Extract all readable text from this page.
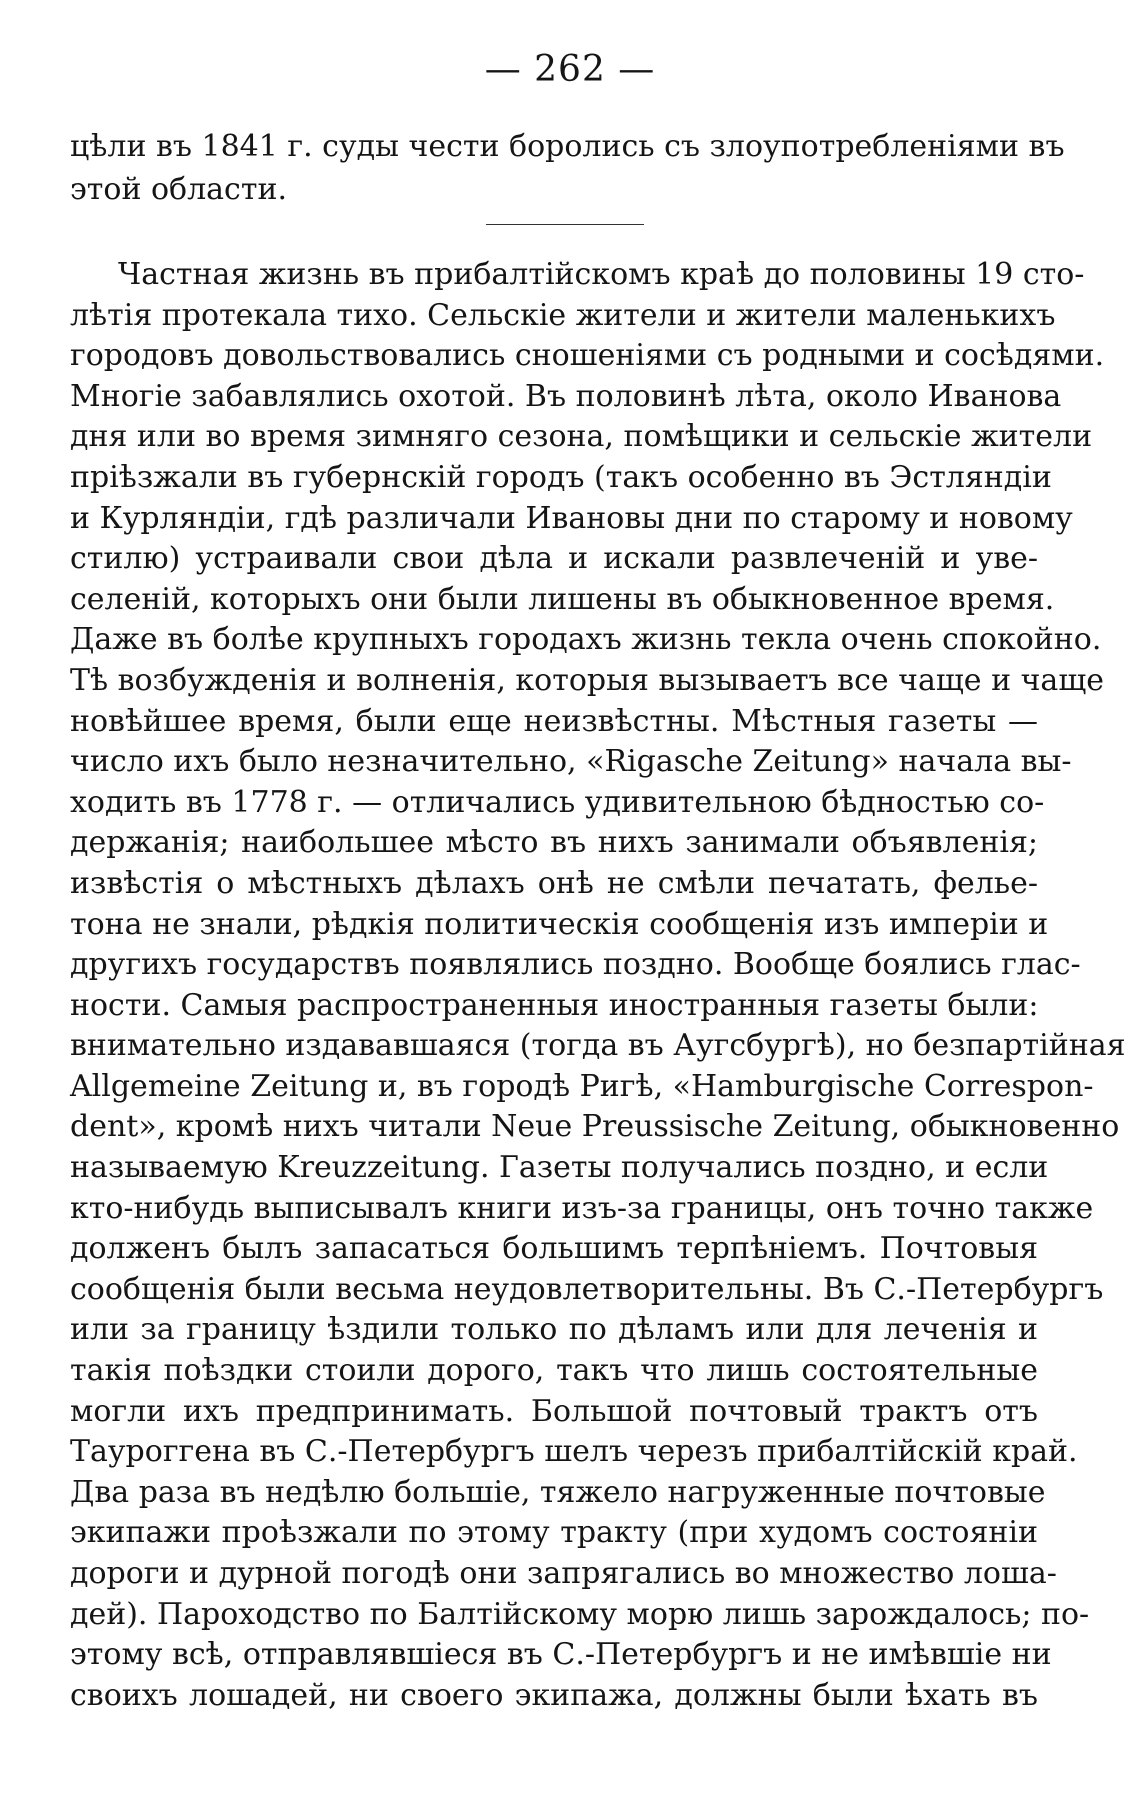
— 262 —
цѣли въ 1841 г. суды чести боролись съ злоупотребленіями въ
этой области.
Частная жизнь въ прибалтійскомъ краѣ до половины 19 сто-
лѣтія протекала тихо. Сельскіе жители и жители маленькихъ
городовъ довольствовались сношеніями съ родными и сосѣдями.
Многіе забавлялись охотой. Въ половинѣ лѣта, около Иванова
дня или во время зимняго сезона, помѣщики и сельскіе жители
пріѣзжали въ губернскій городъ (такъ особенно въ Эстляндіи
и Курляндіи, гдѣ различали Ивановы дни по старому и новому
стилю) устраивали свои дѣла и искали развлеченій и уве-
селеній, которыхъ они были лишены въ обыкновенное время.
Даже въ болѣе крупныхъ городахъ жизнь текла очень спокойно.
Тѣ возбужденія и волненія, которыя вызываетъ все чаще и чаще
новѣйшее время, были еще неизвѣстны. Мѣстныя газеты —
число ихъ было незначительно, «Rigasche Zeitung» начала вы-
ходить въ 1778 г. — отличались удивительною бѣдностью со-
держанія; наибольшее мѣсто въ нихъ занимали объявленія;
извѣстія о мѣстныхъ дѣлахъ онѣ не смѣли печатать, фелье-
тона не знали, рѣдкія политическія сообщенія изъ имперіи и
другихъ государствъ появлялись поздно. Вообще боялись глас-
ности. Самыя распространенныя иностранныя газеты были:
внимательно издававшаяся (тогда въ Аугсбургѣ), но безпартійная
Allgemeine Zeitung и, въ городѣ Ригѣ, «Hamburgische Correspon-
dent», кромѣ нихъ читали Neue Preussische Zeitung, обыкновенно
называемую Kreuzzeitung. Газеты получались поздно, и если
кто-нибудь выписывалъ книги изъ-за границы, онъ точно также
долженъ былъ запасаться большимъ терпѣніемъ. Почтовыя
сообщенія были весьма неудовлетворительны. Въ С.-Петербургъ
или за границу ѣздили только по дѣламъ или для леченія и
такія поѣздки стоили дорого, такъ что лишь состоятельные
могли ихъ предпринимать. Большой почтовый трактъ отъ
Тауроггена въ С.-Петербургъ шелъ черезъ прибалтійскій край.
Два раза въ недѣлю большіе, тяжело нагруженные почтовые
экипажи проѣзжали по этому тракту (при худомъ состояніи
дороги и дурной погодѣ они запрягались во множество лоша-
дей). Пароходство по Балтійскому морю лишь зарождалось; по-
этому всѣ, отправлявшіеся въ С.-Петербургъ и не имѣвшіе ни
своихъ лошадей, ни своего экипажа, должны были ѣхать въ
